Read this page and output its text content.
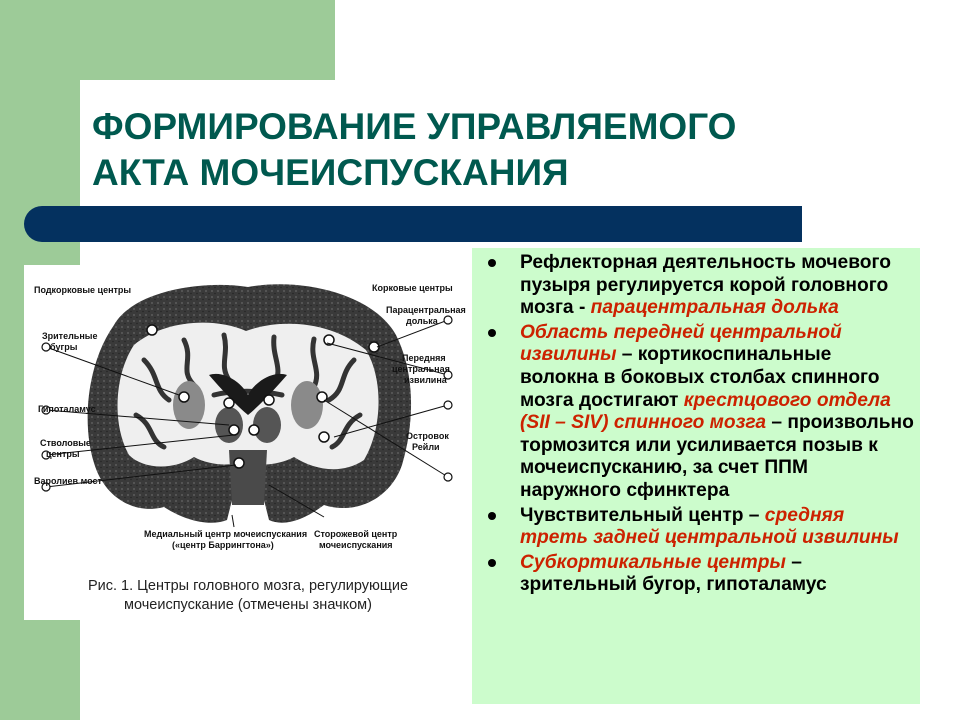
ФОРМИРОВАНИЕ УПРАВЛЯЕМОГО
АКТА МОЧЕИСПУСКАНИЯ
Подкорковые центры
Зрительные
бугры
Гипоталамус
Стволовые
центры
Варолиев мост
Корковые центры
Парацентральная
долька
Передняя
центральная
извилина
Островок
Рейли
Медиальный центр мочеиспускания
(«центр Баррингтона»)
Сторожевой центр
мочеиспускания
Рис. 1. Центры головного мозга, регулирующие
мочеиспускание (отмечены значком)
Рефлекторная деятельность мочевого пузыря регулируется корой головного мозга - парацентральная долька
Область передней центральной извилины – кортикоспинальные волокна в боковых столбах спинного мозга достигают крестцового отдела (SII – SIV) спинного мозга – произвольно тормозится или усиливается позыв к мочеиспусканию, за счет ППМ наружного сфинктера
Чувствительный центр – средняя треть задней центральной извилины
Субкортикальные центры – зрительный бугор, гипоталамус
